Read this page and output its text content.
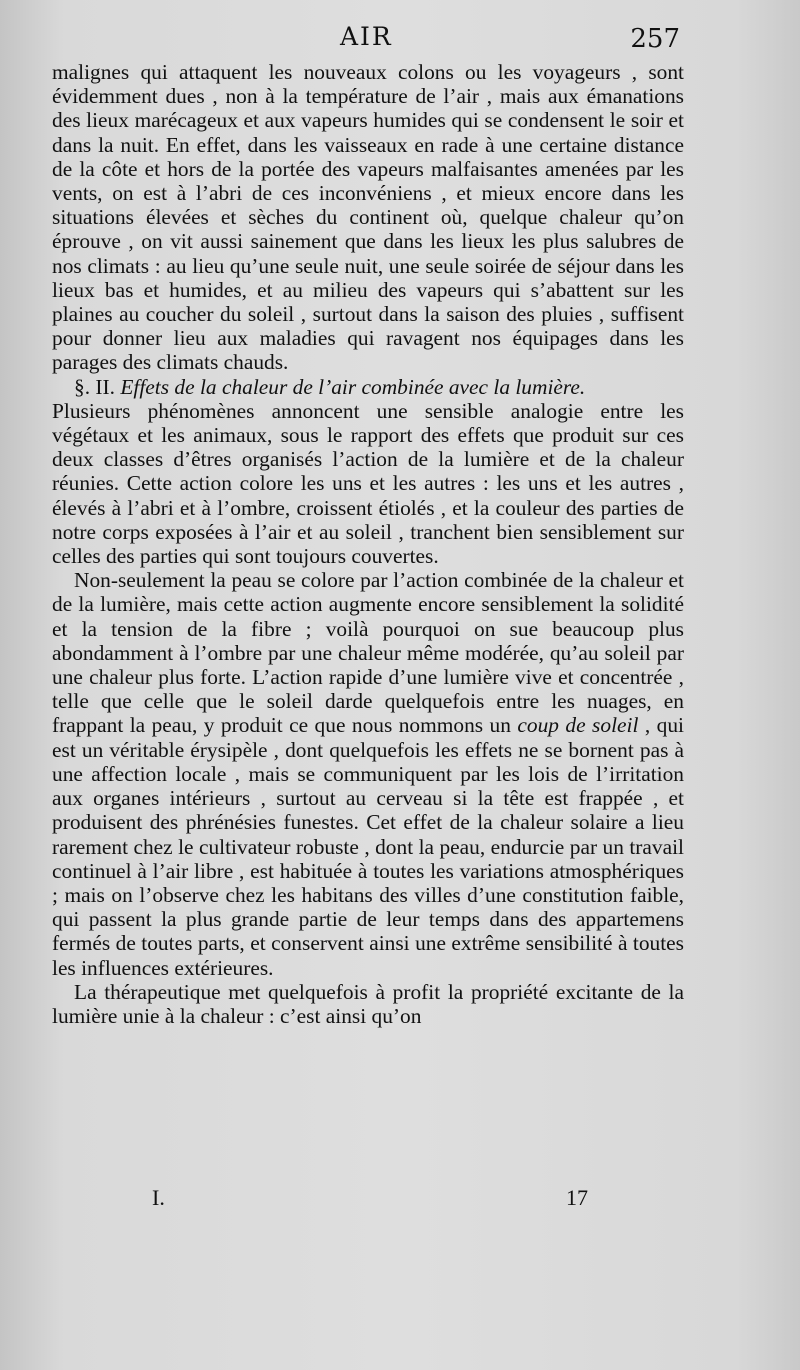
AIR	257

malignes qui attaquent les nouveaux colons ou les voyageurs , sont évidemment dues , non à la température de l’air , mais aux émanations des lieux marécageux et aux vapeurs humides qui se condensent le soir et dans la nuit. En effet, dans les vaisseaux en rade à une certaine distance de la côte et hors de la portée des vapeurs malfaisantes amenées par les vents, on est à l’abri de ces inconvéniens , et mieux encore dans les situations élevées et sèches du continent où, quelque chaleur qu’on éprouve , on vit aussi sainement que dans les lieux les plus salubres de nos climats : au lieu qu’une seule nuit, une seule soirée de séjour dans les lieux bas et humides, et au milieu des vapeurs qui s’abattent sur les plaines au coucher du soleil , surtout dans la saison des pluies , suffisent pour donner lieu aux maladies qui ravagent nos équipages dans les parages des climats chauds.

§. II. Effets de la chaleur de l’air combinée avec la lumière.

Plusieurs phénomènes annoncent une sensible analogie entre les végétaux et les animaux, sous le rapport des effets que produit sur ces deux classes d’êtres organisés l’action de la lumière et de la chaleur réunies. Cette action colore les uns et les autres : les uns et les autres , élevés à l’abri et à l’ombre, croissent étiolés , et la couleur des parties de notre corps exposées à l’air et au soleil , tranchent bien sensiblement sur celles des parties qui sont toujours couvertes.

Non-seulement la peau se colore par l’action combinée de la chaleur et de la lumière, mais cette action augmente encore sensiblement la solidité et la tension de la fibre ; voilà pourquoi on sue beaucoup plus abondamment à l’ombre par une chaleur même modérée, qu’au soleil par une chaleur plus forte. L’action rapide d’une lumière vive et concentrée , telle que celle que le soleil darde quelquefois entre les nuages, en frappant la peau, y produit ce que nous nommons un coup de soleil , qui est un véritable érysipèle , dont quelquefois les effets ne se bornent pas à une affection locale , mais se communiquent par les lois de l’irritation aux organes intérieurs , surtout au cerveau si la tête est frappée , et produisent des phrénésies funestes. Cet effet de la chaleur solaire a lieu rarement chez le cultivateur robuste , dont la peau, endurcie par un travail continuel à l’air libre , est habituée à toutes les variations atmosphériques ; mais on l’observe chez les habitans des villes d’une constitution faible, qui passent la plus grande partie de leur temps dans des appartemens fermés de toutes parts, et conservent ainsi une extrême sensibilité à toutes les influences extérieures.

La thérapeutique met quelquefois à profit la propriété excitante de la lumière unie à la chaleur : c’est ainsi qu’on

I.	17
